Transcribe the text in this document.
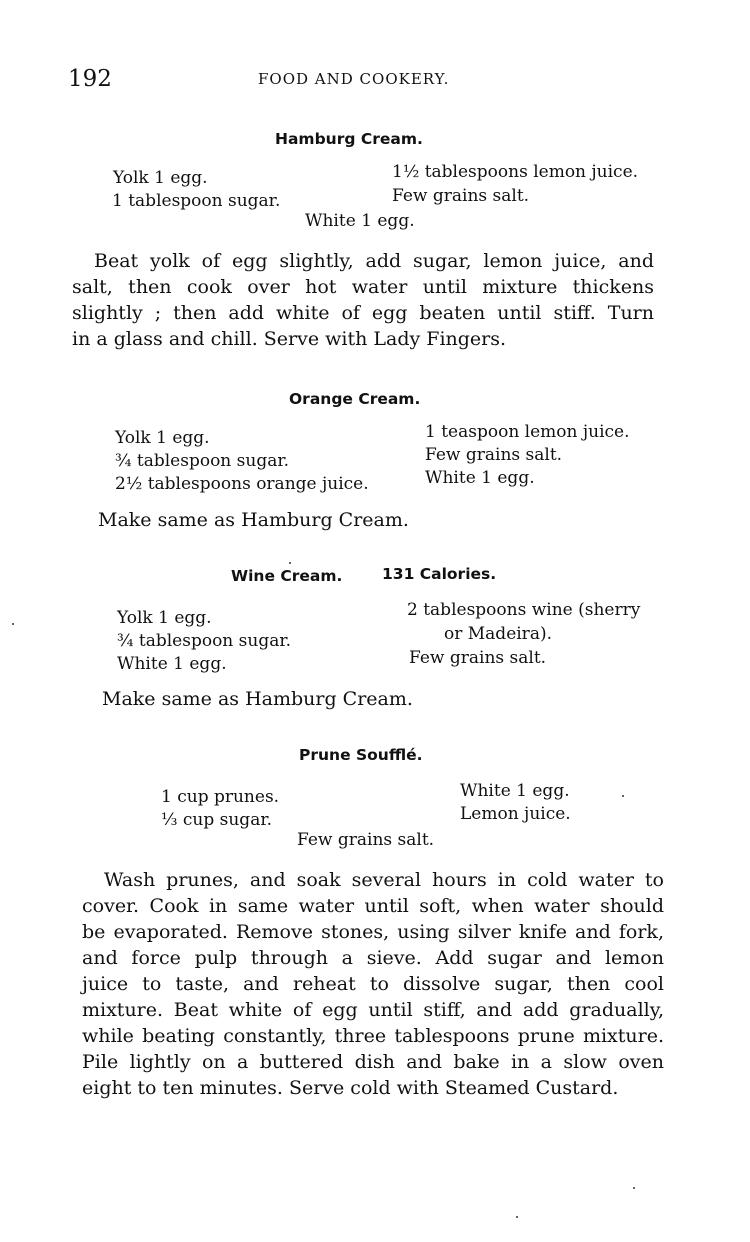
192	FOOD AND COOKERY.
Hamburg Cream.
Yolk 1 egg.
1 tablespoon sugar.
1½ tablespoons lemon juice.
Few grains salt.
White 1 egg.
Beat yolk of egg slightly, add sugar, lemon juice, and
salt, then cook over hot water until mixture thickens
slightly ; then add white of egg beaten until stiff. Turn
in a glass and chill. Serve with Lady Fingers.
Orange Cream.
Yolk 1 egg.
¾ tablespoon sugar.
2½ tablespoons orange juice.
1 teaspoon lemon juice.
Few grains salt.
White 1 egg.
Make same as Hamburg Cream.
Wine Cream.	131 Calories.
Yolk 1 egg.
¾ tablespoon sugar.
White 1 egg.
2 tablespoons wine (sherry
or Madeira).
Few grains salt.
Make same as Hamburg Cream.
Prune Soufflé.
1 cup prunes.
⅓ cup sugar.
White 1 egg.
Lemon juice.
Few grains salt.
Wash prunes, and soak several hours in cold water to
cover. Cook in same water until soft, when water should
be evaporated. Remove stones, using silver knife and fork,
and force pulp through a sieve. Add sugar and lemon
juice to taste, and reheat to dissolve sugar, then cool
mixture. Beat white of egg until stiff, and add gradually,
while beating constantly, three tablespoons prune mixture.
Pile lightly on a buttered dish and bake in a slow oven
eight to ten minutes. Serve cold with Steamed Custard.
